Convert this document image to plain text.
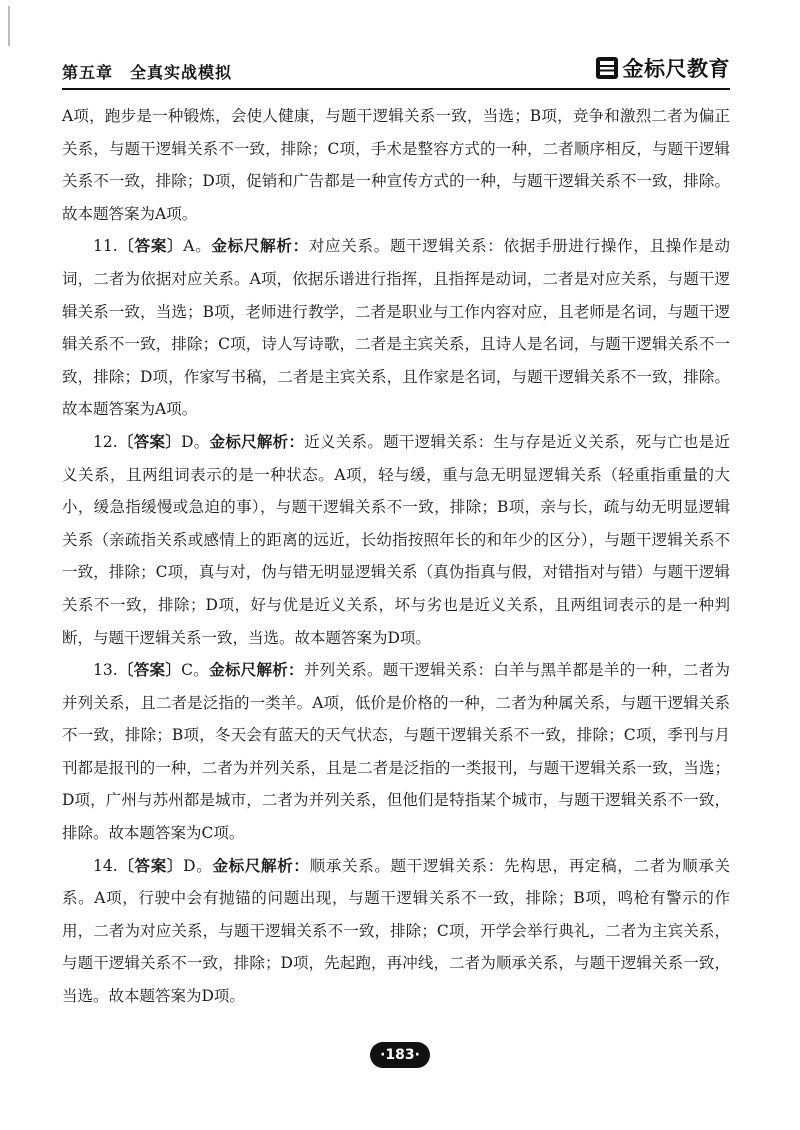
第五章　全真实战模拟	金标尺教育

A项，跑步是一种锻炼，会使人健康，与题干逻辑关系一致，当选；B项，竞争和激烈二者为偏正关系，与题干逻辑关系不一致，排除；C项，手术是整容方式的一种，二者顺序相反，与题干逻辑关系不一致，排除；D项，促销和广告都是一种宣传方式的一种，与题干逻辑关系不一致，排除。故本题答案为A项。

11.〔答案〕A。金标尺解析：对应关系。题干逻辑关系：依据手册进行操作，且操作是动词，二者为依据对应关系。A项，依据乐谱进行指挥，且指挥是动词，二者是对应关系，与题干逻辑关系一致，当选；B项，老师进行教学，二者是职业与工作内容对应，且老师是名词，与题干逻辑关系不一致，排除；C项，诗人写诗歌，二者是主宾关系，且诗人是名词，与题干逻辑关系不一致，排除；D项，作家写书稿，二者是主宾关系，且作家是名词，与题干逻辑关系不一致，排除。故本题答案为A项。

12.〔答案〕D。金标尺解析：近义关系。题干逻辑关系：生与存是近义关系，死与亡也是近义关系，且两组词表示的是一种状态。A项，轻与缓，重与急无明显逻辑关系（轻重指重量的大小，缓急指缓慢或急迫的事），与题干逻辑关系不一致，排除；B项，亲与长，疏与幼无明显逻辑关系（亲疏指关系或感情上的距离的远近，长幼指按照年长的和年少的区分），与题干逻辑关系不一致，排除；C项，真与对，伪与错无明显逻辑关系（真伪指真与假，对错指对与错）与题干逻辑关系不一致，排除；D项，好与优是近义关系，坏与劣也是近义关系，且两组词表示的是一种判断，与题干逻辑关系一致，当选。故本题答案为D项。

13.〔答案〕C。金标尺解析：并列关系。题干逻辑关系：白羊与黑羊都是羊的一种，二者为并列关系，且二者是泛指的一类羊。A项，低价是价格的一种，二者为种属关系，与题干逻辑关系不一致，排除；B项，冬天会有蓝天的天气状态，与题干逻辑关系不一致，排除；C项，季刊与月刊都是报刊的一种，二者为并列关系，且是二者是泛指的一类报刊，与题干逻辑关系一致，当选；D项，广州与苏州都是城市，二者为并列关系，但他们是特指某个城市，与题干逻辑关系不一致，排除。故本题答案为C项。

14.〔答案〕D。金标尺解析：顺承关系。题干逻辑关系：先构思，再定稿，二者为顺承关系。A项，行驶中会有抛锚的问题出现，与题干逻辑关系不一致，排除；B项，鸣枪有警示的作用，二者为对应关系，与题干逻辑关系不一致，排除；C项，开学会举行典礼，二者为主宾关系，与题干逻辑关系不一致，排除；D项，先起跑，再冲线，二者为顺承关系，与题干逻辑关系一致，当选。故本题答案为D项。

·183·
